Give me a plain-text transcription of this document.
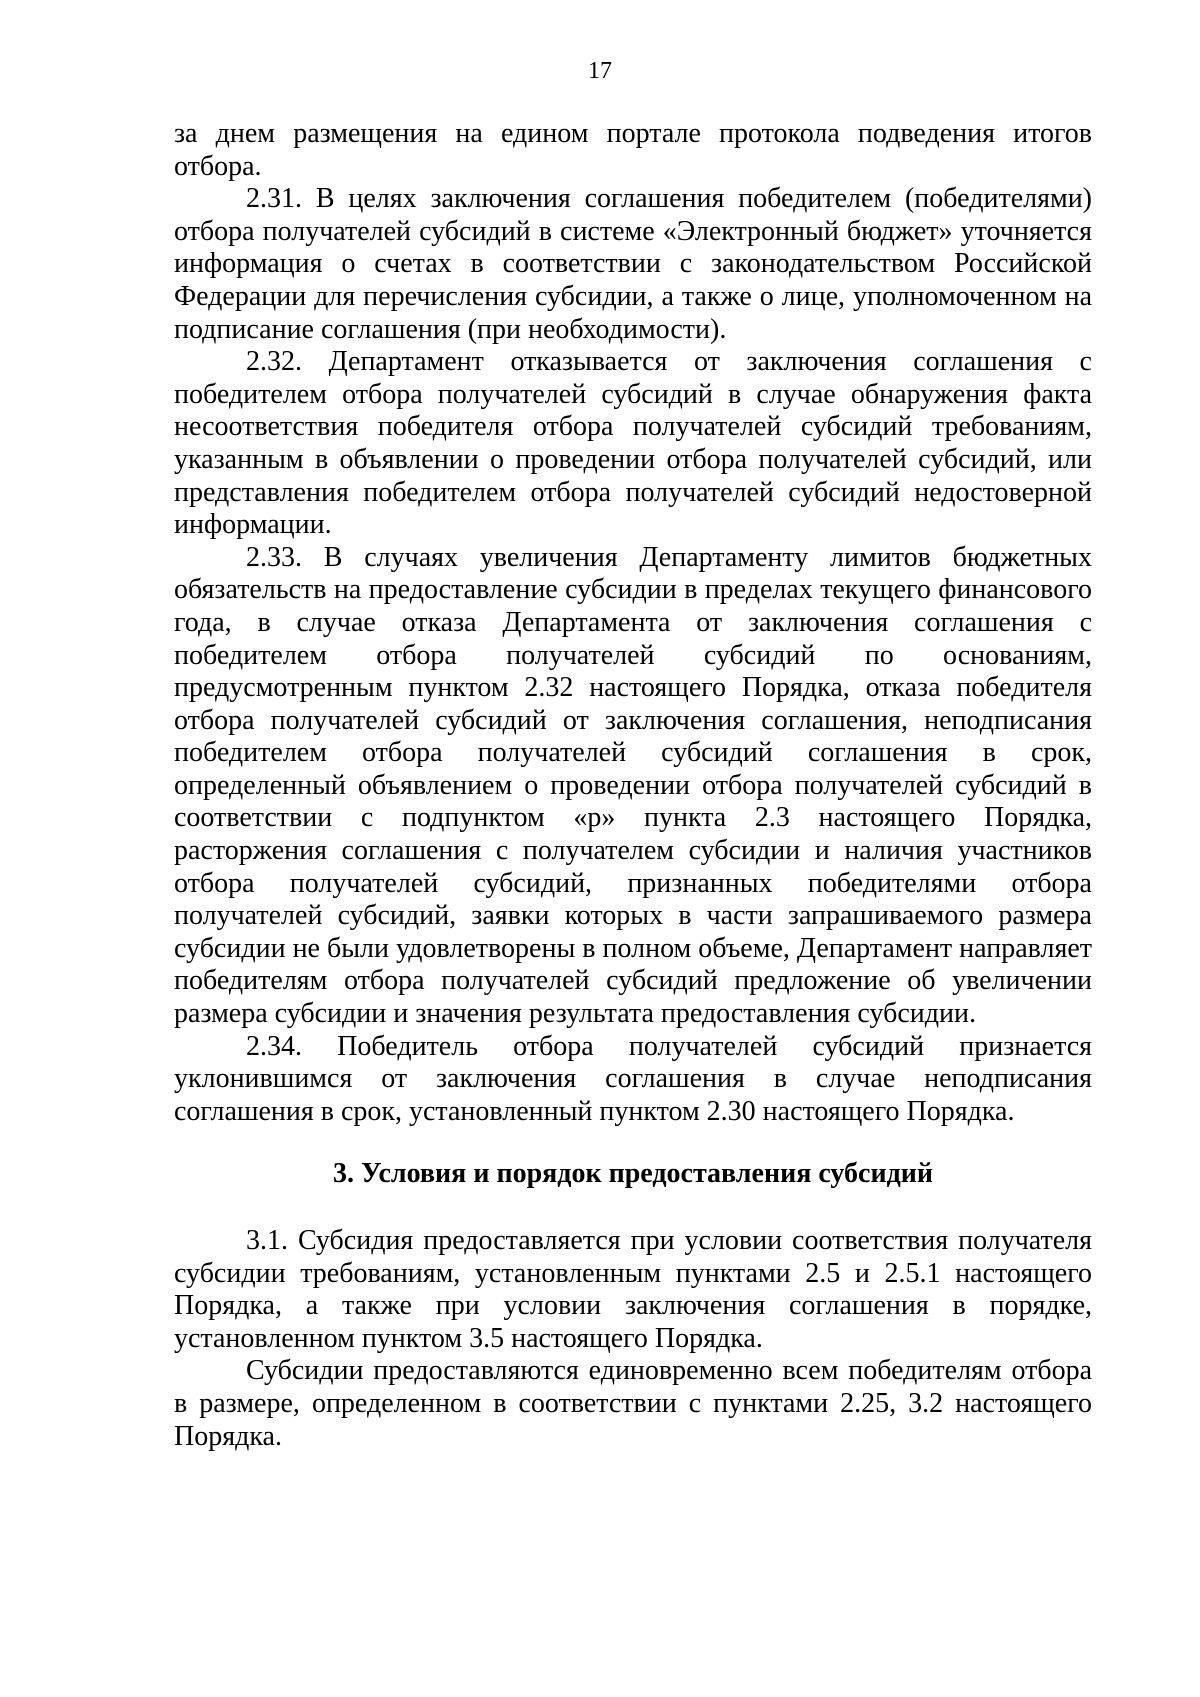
17

за днем размещения на едином портале протокола подведения итогов отбора.

2.31. В целях заключения соглашения победителем (победителями) отбора получателей субсидий в системе «Электронный бюджет» уточняется информация о счетах в соответствии с законодательством Российской Федерации для перечисления субсидии, а также о лице, уполномоченном на подписание соглашения (при необходимости).

2.32. Департамент отказывается от заключения соглашения с победителем отбора получателей субсидий в случае обнаружения факта несоответствия победителя отбора получателей субсидий требованиям, указанным в объявлении о проведении отбора получателей субсидий, или представления победителем отбора получателей субсидий недостоверной информации.

2.33. В случаях увеличения Департаменту лимитов бюджетных обязательств на предоставление субсидии в пределах текущего финансового года, в случае отказа Департамента от заключения соглашения с победителем отбора получателей субсидий по основаниям, предусмотренным пунктом 2.32 настоящего Порядка, отказа победителя отбора получателей субсидий от заключения соглашения, неподписания победителем отбора получателей субсидий соглашения в срок, определенный объявлением о проведении отбора получателей субсидий в соответствии с подпунктом «р» пункта 2.3 настоящего Порядка, расторжения соглашения с получателем субсидии и наличия участников отбора получателей субсидий, признанных победителями отбора получателей субсидий, заявки которых в части запрашиваемого размера субсидии не были удовлетворены в полном объеме, Департамент направляет победителям отбора получателей субсидий предложение об увеличении размера субсидии и значения результата предоставления субсидии.

2.34. Победитель отбора получателей субсидий признается уклонившимся от заключения соглашения в случае неподписания соглашения в срок, установленный пунктом 2.30 настоящего Порядка.

3. Условия и порядок предоставления субсидий

3.1. Субсидия предоставляется при условии соответствия получателя субсидии требованиям, установленным пунктами 2.5 и 2.5.1 настоящего Порядка, а также при условии заключения соглашения в порядке, установленном пунктом 3.5 настоящего Порядка.

Субсидии предоставляются единовременно всем победителям отбора в размере, определенном в соответствии с пунктами 2.25, 3.2 настоящего Порядка.
